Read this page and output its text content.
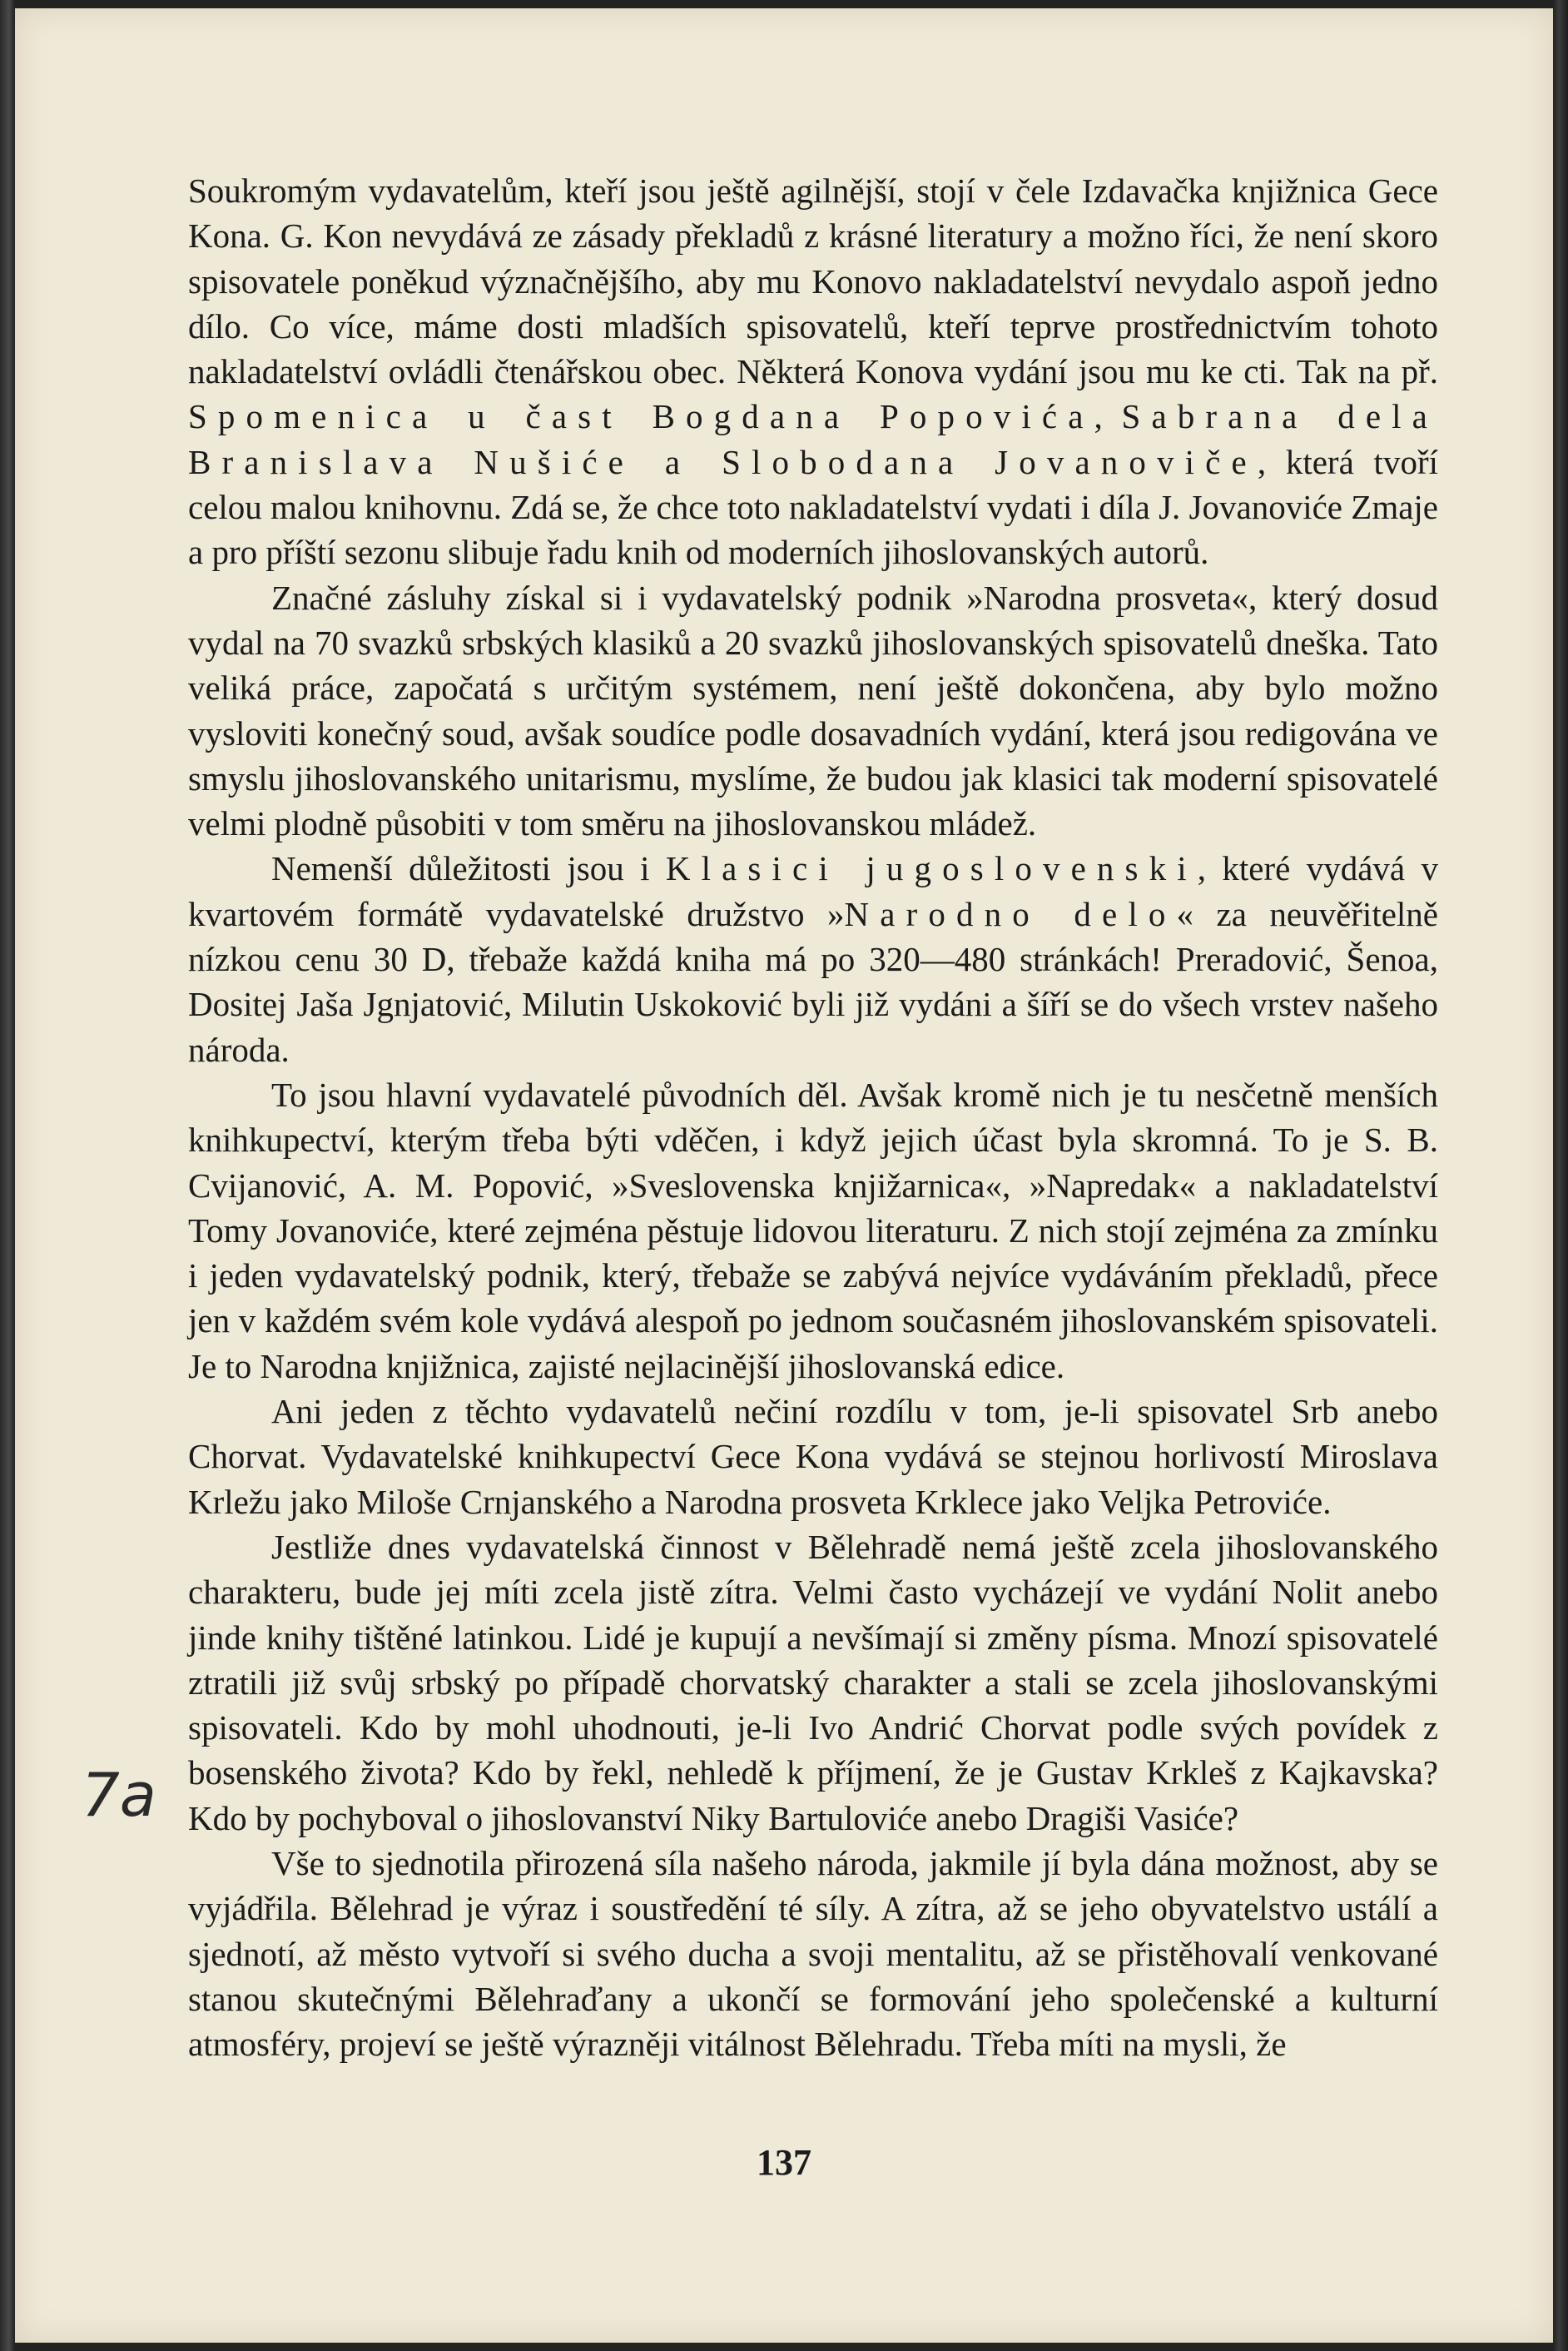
7a

Soukromým vydavatelům, kteří jsou ještě agilnější, stojí v čele Izdavačka knjižnica Gece Kona. G. Kon nevydává ze zásady překladů z krásné literatury a možno říci, že není skoro spisovatele poněkud význačnějšího, aby mu Konovo nakladatelství nevydalo aspoň jedno dílo. Co více, máme dosti mladších spisovatelů, kteří teprve prostřednictvím tohoto nakladatelství ovládli čtenářskou obec. Některá Konova vydání jsou mu ke cti. Tak na př. Spomenica u čast Bogdana Popovića, Sabrana dela Branislava Nušiće a Slobodana Jovanoviče, která tvoří celou malou knihovnu. Zdá se, že chce toto nakladatelství vydati i díla J. Jovanoviće Zmaje a pro příští sezonu slibuje řadu knih od moderních jihoslovanských autorů.

Značné zásluhy získal si i vydavatelský podnik »Narodna prosveta«, který dosud vydal na 70 svazků srbských klasiků a 20 svazků jihoslovanských spisovatelů dneška. Tato veliká práce, započatá s určitým systémem, není ještě dokončena, aby bylo možno vysloviti konečný soud, avšak soudíce podle dosavadních vydání, která jsou redigována ve smyslu jihoslovanského unitarismu, myslíme, že budou jak klasici tak moderní spisovatelé velmi plodně působiti v tom směru na jihoslovanskou mládež.

Nemenší důležitosti jsou i Klasici jugoslovenski, které vydává v kvartovém formátě vydavatelské družstvo »Narodno delo« za neuvěřitelně nízkou cenu 30 D, třebaže každá kniha má po 320—480 stránkách! Preradović, Šenoa, Dositej Jaša Jgnjatović, Milutin Uskoković byli již vydáni a šíří se do všech vrstev našeho národa.

To jsou hlavní vydavatelé původních děl. Avšak kromě nich je tu nesčetně menších knihkupectví, kterým třeba býti vděčen, i když jejich účast byla skromná. To je S. B. Cvijanović, A. M. Popović, »Sveslovenska knjižarnica«, »Napredak« a nakladatelství Tomy Jovanoviće, které zejména pěstuje lidovou literaturu. Z nich stojí zejména za zmínku i jeden vydavatelský podnik, který, třebaže se zabývá nejvíce vydáváním překladů, přece jen v každém svém kole vydává alespoň po jednom současném jihoslovanském spisovateli. Je to Narodna knjižnica, zajisté nejlacinější jihoslovanská edice.

Ani jeden z těchto vydavatelů nečiní rozdílu v tom, je-li spisovatel Srb anebo Chorvat. Vydavatelské knihkupectví Gece Kona vydává se stejnou horlivostí Miroslava Krležu jako Miloše Crnjanského a Narodna prosveta Krklece jako Veljka Petroviće.

Jestliže dnes vydavatelská činnost v Bělehradě nemá ještě zcela jihoslovanského charakteru, bude jej míti zcela jistě zítra. Velmi často vycházejí ve vydání Nolit anebo jinde knihy tištěné latinkou. Lidé je kupují a nevšímají si změny písma. Mnozí spisovatelé ztratili již svůj srbský po případě chorvatský charakter a stali se zcela jihoslovanskými spisovateli. Kdo by mohl uhodnouti, je-li Ivo Andrić Chorvat podle svých povídek z bosenského života? Kdo by řekl, nehledě k příjmení, že je Gustav Krkleš z Kajkavska? Kdo by pochyboval o jihoslovanství Niky Bartuloviće anebo Dragiši Vasiće?

Vše to sjednotila přirozená síla našeho národa, jakmile jí byla dána možnost, aby se vyjádřila. Bělehrad je výraz i soustředění té síly. A zítra, až se jeho obyvatelstvo ustálí a sjednotí, až město vytvoří si svého ducha a svoji mentalitu, až se přistěhovalí venkované stanou skutečnými Bělehraďany a ukončí se formování jeho společenské a kulturní atmosféry, projeví se ještě výrazněji vitálnost Bělehradu. Třeba míti na mysli, že

137
